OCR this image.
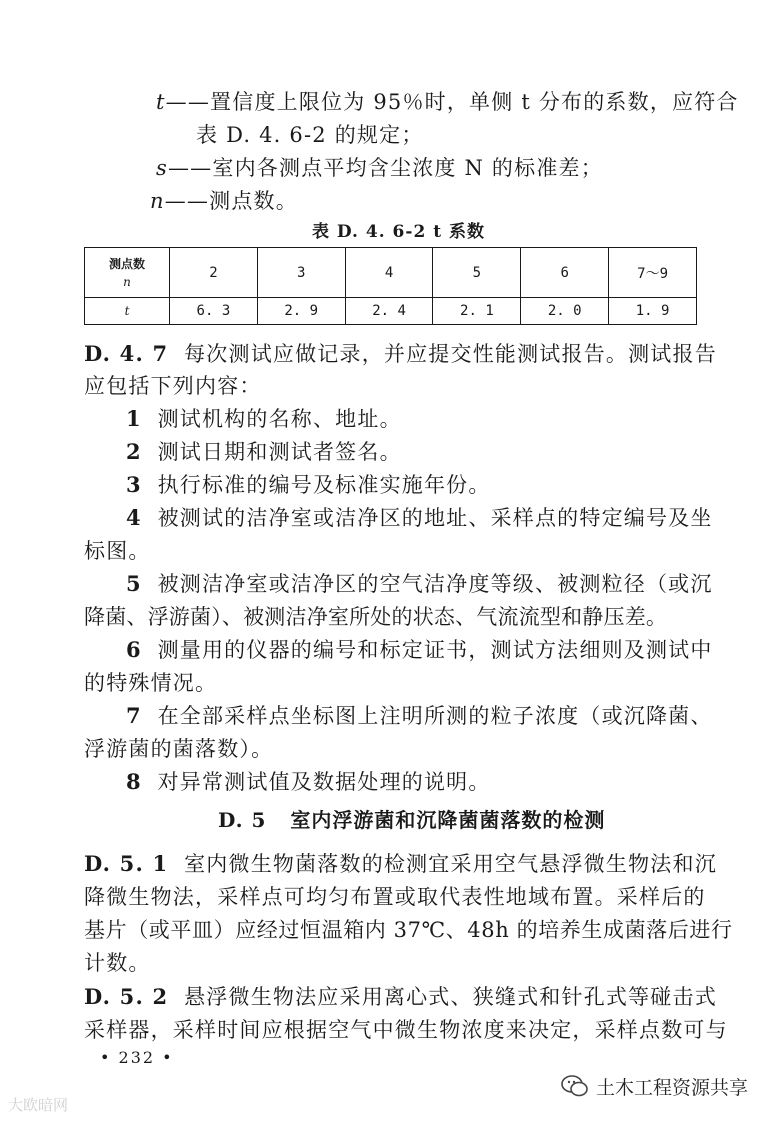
t——置信度上限位为 95％时，单侧 t 分布的系数，应符合
表 D. 4. 6-2 的规定；
s——室内各测点平均含尘浓度 N 的标准差；
n——测点数。
表 D. 4. 6-2 t 系数
测点数
n	2	3	4	5	6	7～9
t	6. 3	2. 9	2. 4	2. 1	2. 0	1. 9
D. 4. 7 每次测试应做记录，并应提交性能测试报告。测试报告
应包括下列内容：
1 测试机构的名称、地址。
2 测试日期和测试者签名。
3 执行标准的编号及标准实施年份。
4 被测试的洁净室或洁净区的地址、采样点的特定编号及坐
标图。
5 被测洁净室或洁净区的空气洁净度等级、被测粒径（或沉
降菌、浮游菌）、被测洁净室所处的状态、气流流型和静压差。
6 测量用的仪器的编号和标定证书，测试方法细则及测试中
的特殊情况。
7 在全部采样点坐标图上注明所测的粒子浓度（或沉降菌、
浮游菌的菌落数）。
8 对异常测试值及数据处理的说明。
D. 5 室内浮游菌和沉降菌菌落数的检测
D. 5. 1 室内微生物菌落数的检测宜采用空气悬浮微生物法和沉
降微生物法，采样点可均匀布置或取代表性地域布置。采样后的
基片（或平皿）应经过恒温箱内 37℃、48h 的培养生成菌落后进行
计数。
D. 5. 2 悬浮微生物法应采用离心式、狭缝式和针孔式等碰击式
采样器，采样时间应根据空气中微生物浓度来决定，采样点数可与
• 232 •
土木工程资源共享
大欧暗网
